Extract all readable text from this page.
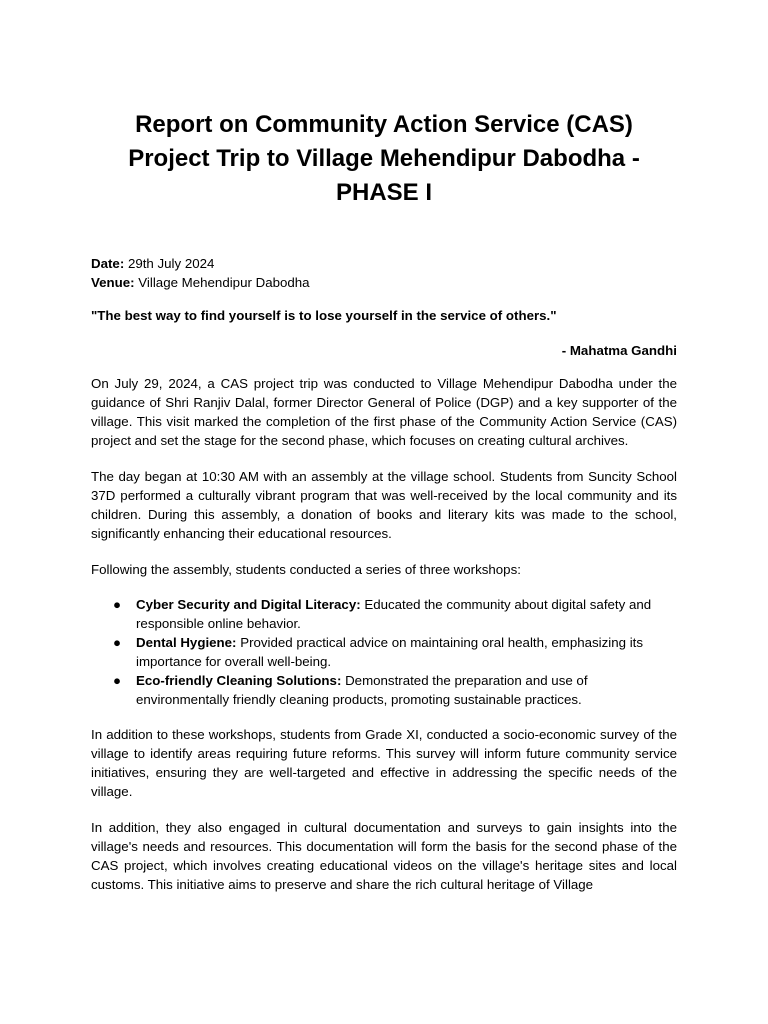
Report on Community Action Service (CAS)
Project Trip to Village Mehendipur Dabodha -
PHASE I
Date: 29th July 2024
Venue: Village Mehendipur Dabodha
"The best way to find yourself is to lose yourself in the service of others."
- Mahatma Gandhi

On July 29, 2024, a CAS project trip was conducted to Village Mehendipur Dabodha under the guidance of Shri Ranjiv Dalal, former Director General of Police (DGP) and a key supporter of the village. This visit marked the completion of the first phase of the Community Action Service (CAS) project and set the stage for the second phase, which focuses on creating cultural archives.

The day began at 10:30 AM with an assembly at the village school. Students from Suncity School 37D performed a culturally vibrant program that was well-received by the local community and its children. During this assembly, a donation of books and literary kits was made to the school, significantly enhancing their educational resources.

Following the assembly, students conducted a series of three workshops:

● Cyber Security and Digital Literacy: Educated the community about digital safety and responsible online behavior.
● Dental Hygiene: Provided practical advice on maintaining oral health, emphasizing its importance for overall well-being.
● Eco-friendly Cleaning Solutions: Demonstrated the preparation and use of environmentally friendly cleaning products, promoting sustainable practices.

In addition to these workshops, students from Grade XI, conducted a socio-economic survey of the village to identify areas requiring future reforms. This survey will inform future community service initiatives, ensuring they are well-targeted and effective in addressing the specific needs of the village.

In addition, they also engaged in cultural documentation and surveys to gain insights into the village's needs and resources. This documentation will form the basis for the second phase of the CAS project, which involves creating educational videos on the village's heritage sites and local customs. This initiative aims to preserve and share the rich cultural heritage of Village
